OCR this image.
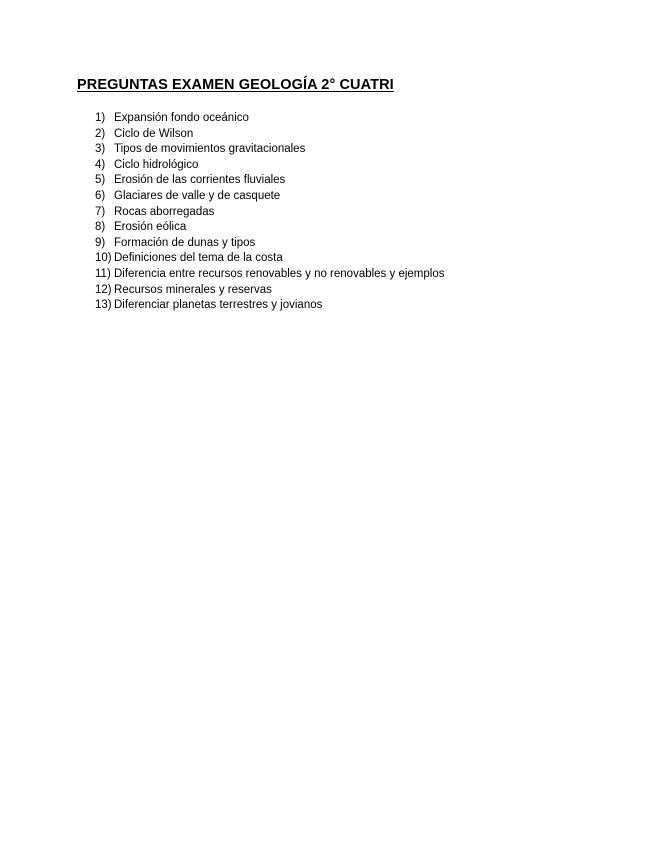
PREGUNTAS EXAMEN GEOLOGÍA 2° CUATRI
1) Expansión fondo oceánico
2) Ciclo de Wilson
3) Tipos de movimientos gravitacionales
4) Ciclo hidrológico
5) Erosión de las corrientes fluviales
6) Glaciares de valle y de casquete
7) Rocas aborregadas
8) Erosión eólica
9) Formación de dunas y tipos
10) Definiciones del tema de la costa
11) Diferencia entre recursos renovables y no renovables y ejemplos
12) Recursos minerales y reservas
13) Diferenciar planetas terrestres y jovianos
